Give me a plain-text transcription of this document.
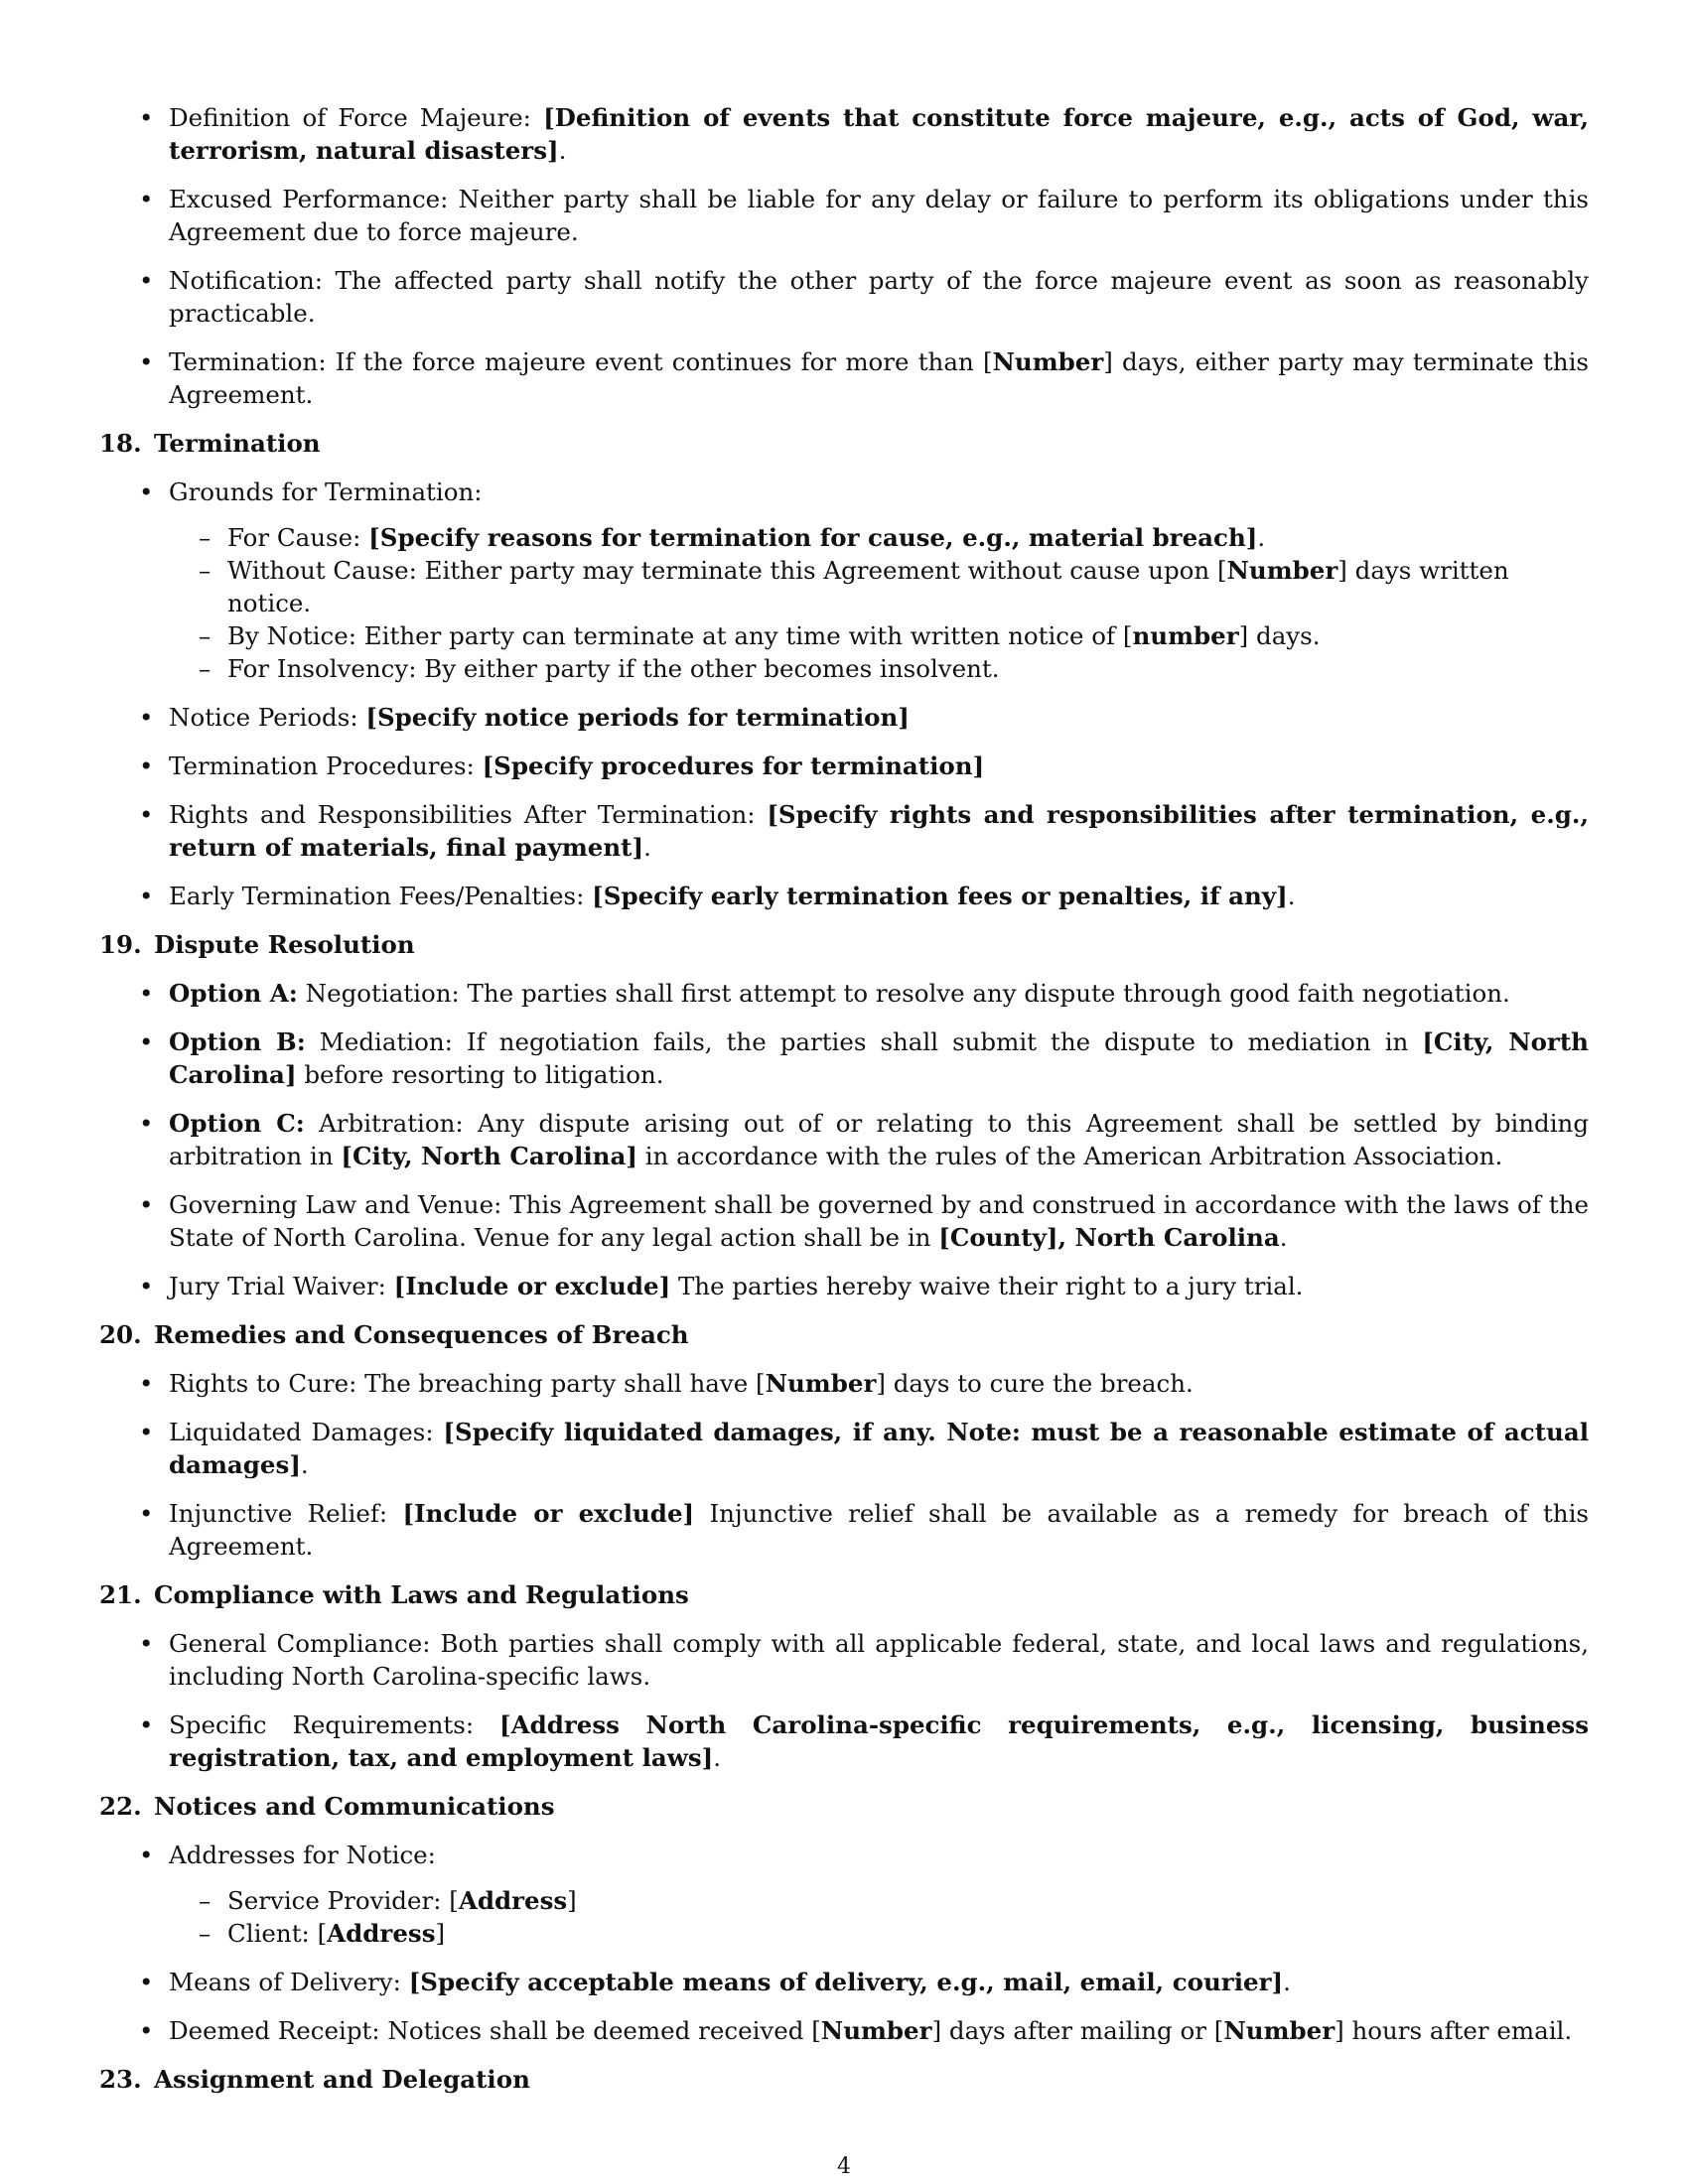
• Definition of Force Majeure: [Definition of events that constitute force majeure, e.g., acts of God, war, terrorism, natural disasters].
• Excused Performance: Neither party shall be liable for any delay or failure to perform its obligations under this Agreement due to force majeure.
• Notification: The affected party shall notify the other party of the force majeure event as soon as reasonably practicable.
• Termination: If the force majeure event continues for more than [Number] days, either party may terminate this Agreement.
18. Termination
• Grounds for Termination:
– For Cause: [Specify reasons for termination for cause, e.g., material breach].
– Without Cause: Either party may terminate this Agreement without cause upon [Number] days written notice.
– By Notice: Either party can terminate at any time with written notice of [number] days.
– For Insolvency: By either party if the other becomes insolvent.
• Notice Periods: [Specify notice periods for termination]
• Termination Procedures: [Specify procedures for termination]
• Rights and Responsibilities After Termination: [Specify rights and responsibilities after termination, e.g., return of materials, final payment].
• Early Termination Fees/Penalties: [Specify early termination fees or penalties, if any].
19. Dispute Resolution
• Option A: Negotiation: The parties shall first attempt to resolve any dispute through good faith negotiation.
• Option B: Mediation: If negotiation fails, the parties shall submit the dispute to mediation in [City, North Carolina] before resorting to litigation.
• Option C: Arbitration: Any dispute arising out of or relating to this Agreement shall be settled by binding arbitration in [City, North Carolina] in accordance with the rules of the American Arbitration Association.
• Governing Law and Venue: This Agreement shall be governed by and construed in accordance with the laws of the State of North Carolina. Venue for any legal action shall be in [County], North Carolina.
• Jury Trial Waiver: [Include or exclude] The parties hereby waive their right to a jury trial.
20. Remedies and Consequences of Breach
• Rights to Cure: The breaching party shall have [Number] days to cure the breach.
• Liquidated Damages: [Specify liquidated damages, if any. Note: must be a reasonable estimate of actual damages].
• Injunctive Relief: [Include or exclude] Injunctive relief shall be available as a remedy for breach of this Agreement.
21. Compliance with Laws and Regulations
• General Compliance: Both parties shall comply with all applicable federal, state, and local laws and regulations, including North Carolina-specific laws.
• Specific Requirements: [Address North Carolina-specific requirements, e.g., licensing, business registration, tax, and employment laws].
22. Notices and Communications
• Addresses for Notice:
– Service Provider: [Address]
– Client: [Address]
• Means of Delivery: [Specify acceptable means of delivery, e.g., mail, email, courier].
• Deemed Receipt: Notices shall be deemed received [Number] days after mailing or [Number] hours after email.
23. Assignment and Delegation
4
